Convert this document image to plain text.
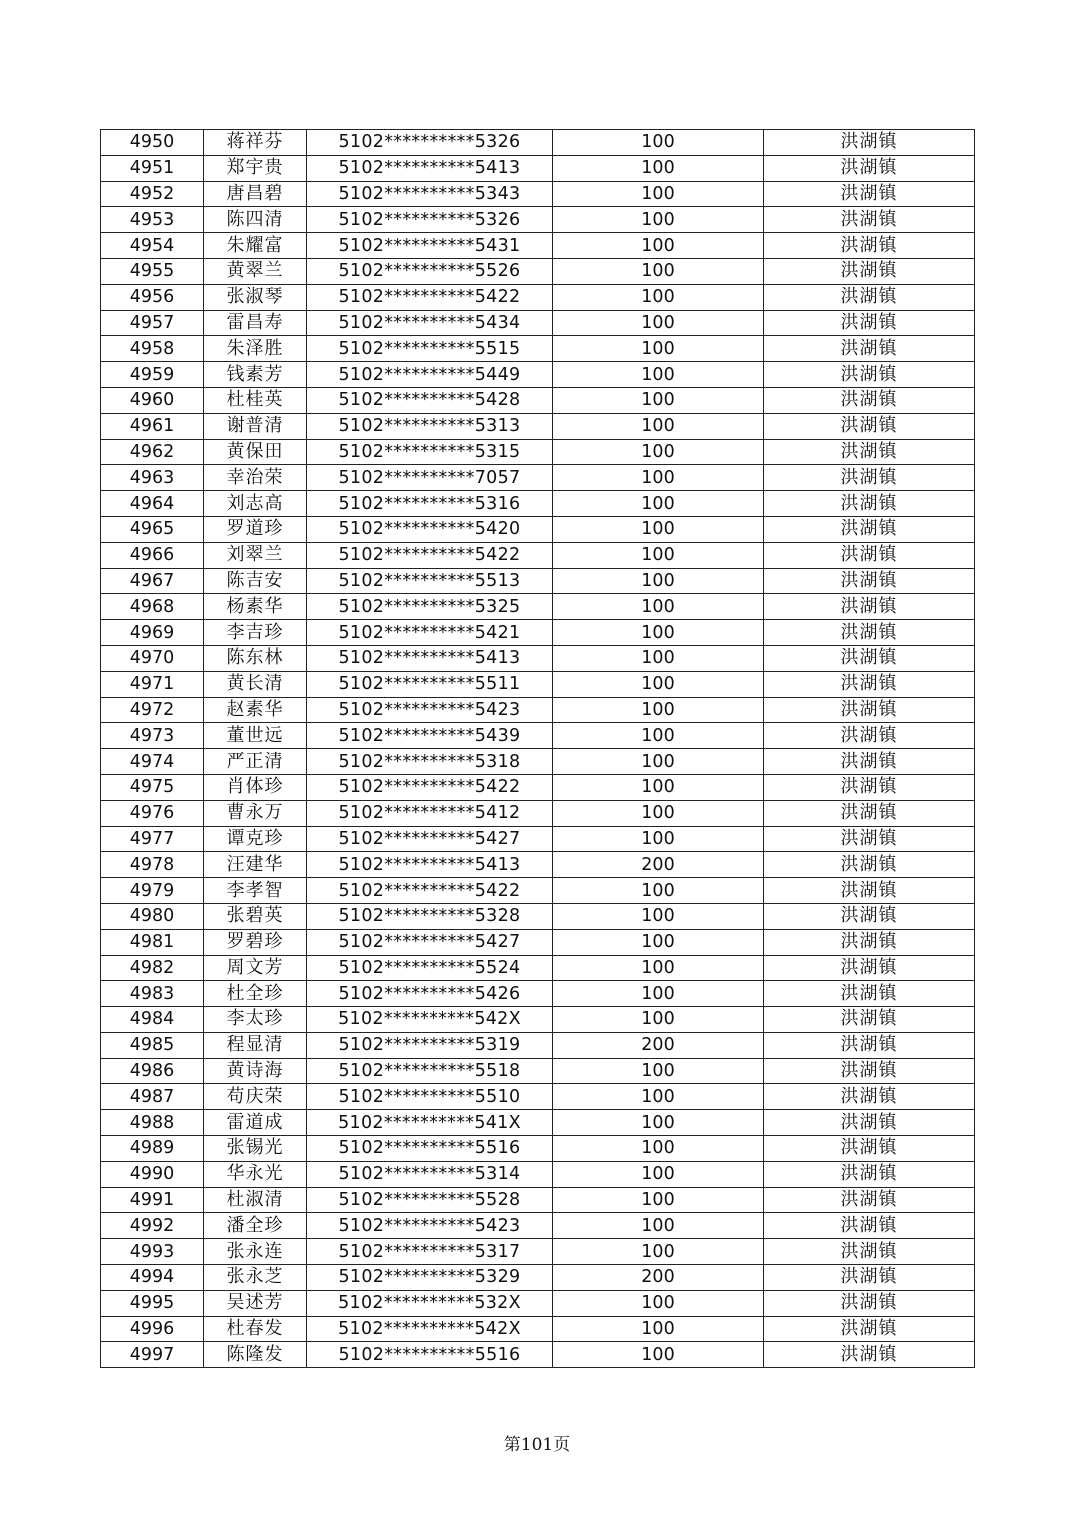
4950	蒋祥芬	5102**********5326	100	洪湖镇
4951	郑宇贵	5102**********5413	100	洪湖镇
4952	唐昌碧	5102**********5343	100	洪湖镇
4953	陈四清	5102**********5326	100	洪湖镇
4954	朱耀富	5102**********5431	100	洪湖镇
4955	黄翠兰	5102**********5526	100	洪湖镇
4956	张淑琴	5102**********5422	100	洪湖镇
4957	雷昌寿	5102**********5434	100	洪湖镇
4958	朱泽胜	5102**********5515	100	洪湖镇
4959	钱素芳	5102**********5449	100	洪湖镇
4960	杜桂英	5102**********5428	100	洪湖镇
4961	谢普清	5102**********5313	100	洪湖镇
4962	黄保田	5102**********5315	100	洪湖镇
4963	幸治荣	5102**********7057	100	洪湖镇
4964	刘志高	5102**********5316	100	洪湖镇
4965	罗道珍	5102**********5420	100	洪湖镇
4966	刘翠兰	5102**********5422	100	洪湖镇
4967	陈吉安	5102**********5513	100	洪湖镇
4968	杨素华	5102**********5325	100	洪湖镇
4969	李吉珍	5102**********5421	100	洪湖镇
4970	陈东林	5102**********5413	100	洪湖镇
4971	黄长清	5102**********5511	100	洪湖镇
4972	赵素华	5102**********5423	100	洪湖镇
4973	董世远	5102**********5439	100	洪湖镇
4974	严正清	5102**********5318	100	洪湖镇
4975	肖体珍	5102**********5422	100	洪湖镇
4976	曹永万	5102**********5412	100	洪湖镇
4977	谭克珍	5102**********5427	100	洪湖镇
4978	汪建华	5102**********5413	200	洪湖镇
4979	李孝智	5102**********5422	100	洪湖镇
4980	张碧英	5102**********5328	100	洪湖镇
4981	罗碧珍	5102**********5427	100	洪湖镇
4982	周文芳	5102**********5524	100	洪湖镇
4983	杜全珍	5102**********5426	100	洪湖镇
4984	李太珍	5102**********542X	100	洪湖镇
4985	程显清	5102**********5319	200	洪湖镇
4986	黄诗海	5102**********5518	100	洪湖镇
4987	苟庆荣	5102**********5510	100	洪湖镇
4988	雷道成	5102**********541X	100	洪湖镇
4989	张锡光	5102**********5516	100	洪湖镇
4990	华永光	5102**********5314	100	洪湖镇
4991	杜淑清	5102**********5528	100	洪湖镇
4992	潘全珍	5102**********5423	100	洪湖镇
4993	张永连	5102**********5317	100	洪湖镇
4994	张永芝	5102**********5329	200	洪湖镇
4995	吴述芳	5102**********532X	100	洪湖镇
4996	杜春发	5102**********542X	100	洪湖镇
4997	陈隆发	5102**********5516	100	洪湖镇
第101页
